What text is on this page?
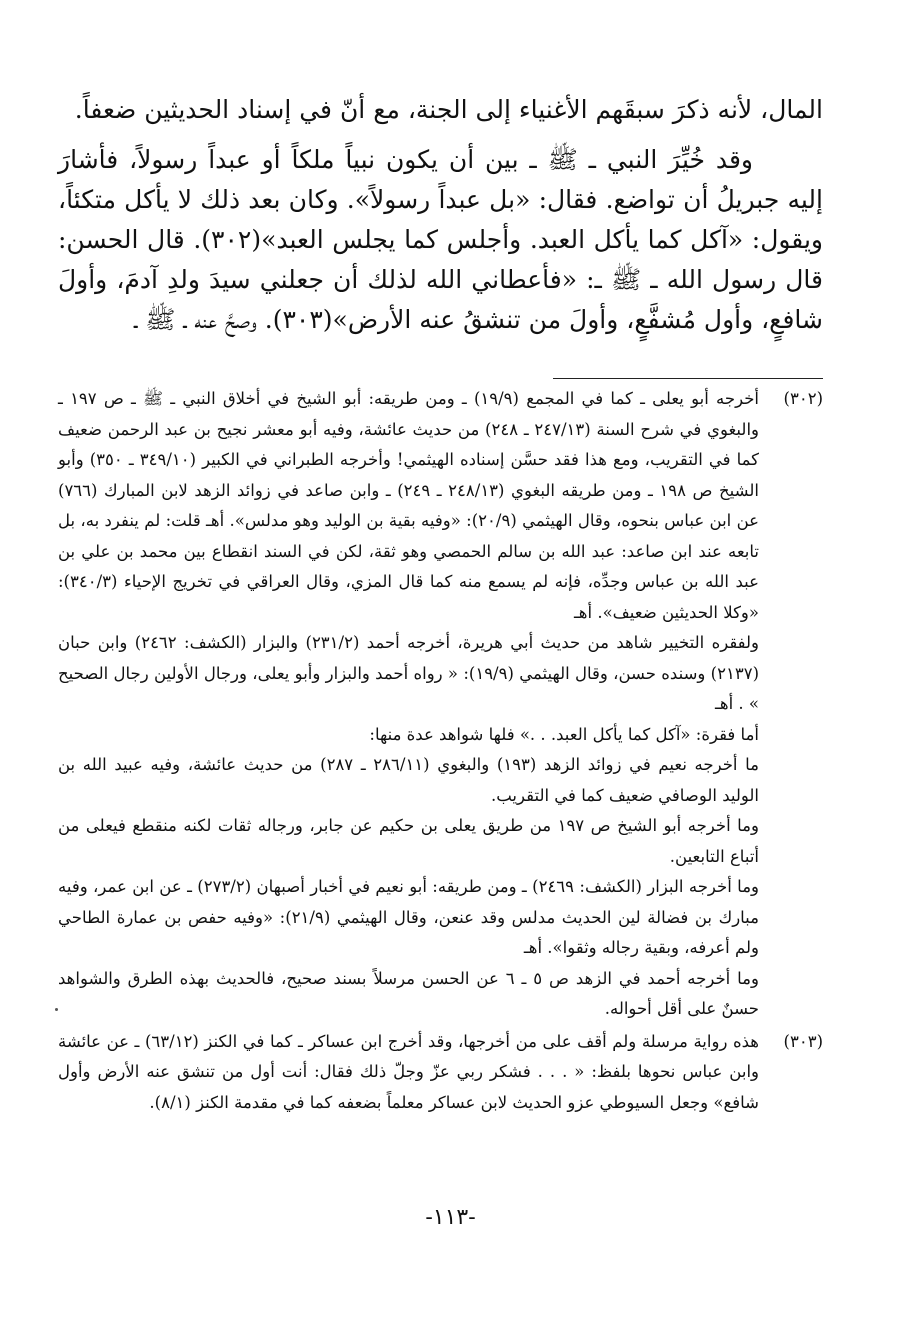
المال، لأنه ذكرَ سبقَهم الأغنياء إلى الجنة، مع أنّ في إسناد الحديثين ضعفاً.

وقد خُيِّرَ النبي ـ ﷺ ـ بين أن يكون نبياً ملكاً أو عبداً رسولاً، فأشارَ إليه جبريلُ أن تواضع. فقال: «بل عبداً رسولاً». وكان بعد ذلك لا يأكل متكئاً، ويقول: «آكل كما يأكل العبد. وأجلس كما يجلس العبد»(٣٠٢). قال الحسن: قال رسول الله ـ ﷺ ـ: «فأعطاني الله لذلك أن جعلني سيدَ ولدِ آدمَ، وأولَ شافعٍ، وأول مُشفَّعٍ، وأولَ من تنشقُ عنه الأرض»(٣٠٣). وصحَّ عنه ـ ﷺ ـ

(٣٠٢)

أخرجه أبو يعلى ـ كما في المجمع (١٩/٩) ـ ومن طريقه: أبو الشيخ في أخلاق النبي ـ ﷺ ـ ص ١٩٧ ـ والبغوي في شرح السنة (٢٤٧/١٣ ـ ٢٤٨) من حديث عائشة، وفيه أبو معشر نجيح بن عبد الرحمن ضعيف كما في التقريب، ومع هذا فقد حسَّن إسناده الهيثمي! وأخرجه الطبراني في الكبير (٣٤٩/١٠ ـ ٣٥٠) وأبو الشيخ ص ١٩٨ ـ ومن طريقه البغوي (٢٤٨/١٣ ـ ٢٤٩) ـ وابن صاعد في زوائد الزهد لابن المبارك (٧٦٦) عن ابن عباس بنحوه، وقال الهيثمي (٢٠/٩): «وفيه بقية بن الوليد وهو مدلس». أهـ قلت: لم ينفرد به، بل تابعه عند ابن صاعد: عبد الله بن سالم الحمصي وهو ثقة، لكن في السند انقطاع بين محمد بن علي بن عبد الله بن عباس وجدِّه، فإنه لم يسمع منه كما قال المزي، وقال العراقي في تخريج الإحياء (٣٤٠/٣): «وكلا الحديثين ضعيف». أهـ

ولفقره التخيير شاهد من حديث أبي هريرة، أخرجه أحمد (٢٣١/٢) والبزار (الكشف: ٢٤٦٢) وابن حبان (٢١٣٧) وسنده حسن، وقال الهيثمي (١٩/٩): « رواه أحمد والبزار وأبو يعلى، ورجال الأولين رجال الصحيح » . أهـ

أما فقرة: «آكل كما يأكل العبد. . .» فلها شواهد عدة منها:

ما أخرجه نعيم في زوائد الزهد (١٩٣) والبغوي (٢٨٦/١١ ـ ٢٨٧) من حديث عائشة، وفيه عبيد الله بن الوليد الوصافي ضعيف كما في التقريب.

وما أخرجه أبو الشيخ ص ١٩٧ من طريق يعلى بن حكيم عن جابر، ورجاله ثقات لكنه منقطع فيعلى من أتباع التابعين.

وما أخرجه البزار (الكشف: ٢٤٦٩) ـ ومن طريقه: أبو نعيم في أخبار أصبهان (٢٧٣/٢) ـ عن ابن عمر، وفيه مبارك بن فضالة لين الحديث مدلس وقد عنعن، وقال الهيثمي (٢١/٩): «وفيه حفص بن عمارة الطاحي ولم أعرفه، وبقية رجاله وثقوا». أهـ

وما أخرجه أحمد في الزهد ص ٥ ـ ٦ عن الحسن مرسلاً بسند صحيح، فالحديث بهذه الطرق والشواهد حسنٌ على أقل أحواله.

(٣٠٣)

هذه رواية مرسلة ولم أقف على من أخرجها، وقد أخرج ابن عساكر ـ كما في الكنز (٦٣/١٢) ـ عن عائشة وابن عباس نحوها بلفظ: « . . . فشكر ربي عزّ وجلّ ذلك فقال: أنت أول من تنشق عنه الأرض وأول شافع» وجعل السيوطي عزو الحديث لابن عساكر معلماً بضعفه كما في مقدمة الكنز (٨/١).

-١١٣-
